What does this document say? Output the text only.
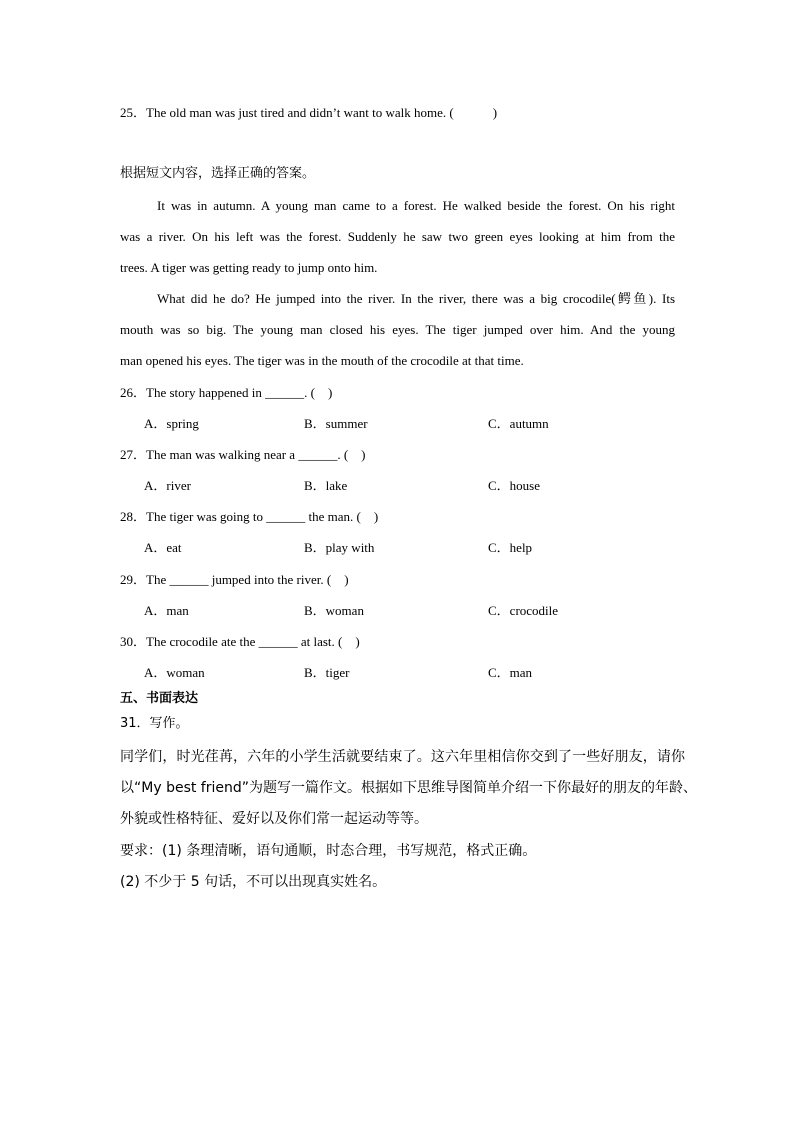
25．The old man was just tired and didn’t want to walk home. (　　　)
根据短文内容，选择正确的答案。
It was in autumn. A young man came to a forest. He walked beside the forest. On his right
was a river. On his left was the forest. Suddenly he saw two green eyes looking at him from the
trees. A tiger was getting ready to jump onto him.
What did he do? He jumped into the river. In the river, there was a big crocodile(鳄鱼). Its
mouth was so big. The young man closed his eyes. The tiger jumped over him. And the young
man opened his eyes. The tiger was in the mouth of the crocodile at that time.
26．The story happened in ______. (　)
A．spring	B．summer	C．autumn
27．The man was walking near a ______. (　)
A．river	B．lake	C．house
28．The tiger was going to ______ the man. (　)
A．eat	B．play with	C．help
29．The ______ jumped into the river. (　)
A．man	B．woman	C．crocodile
30．The crocodile ate the ______ at last. (　)
A．woman	B．tiger	C．man
五、书面表达
31．写作。
同学们，时光荏苒，六年的小学生活就要结束了。这六年里相信你交到了一些好朋友，请你
以“My best friend”为题写一篇作文。根据如下思维导图简单介绍一下你最好的朋友的年龄、
外貌或性格特征、爱好以及你们常一起运动等等。
要求：(1) 条理清晰，语句通顺，时态合理，书写规范，格式正确。
(2) 不少于 5 句话，不可以出现真实姓名。
